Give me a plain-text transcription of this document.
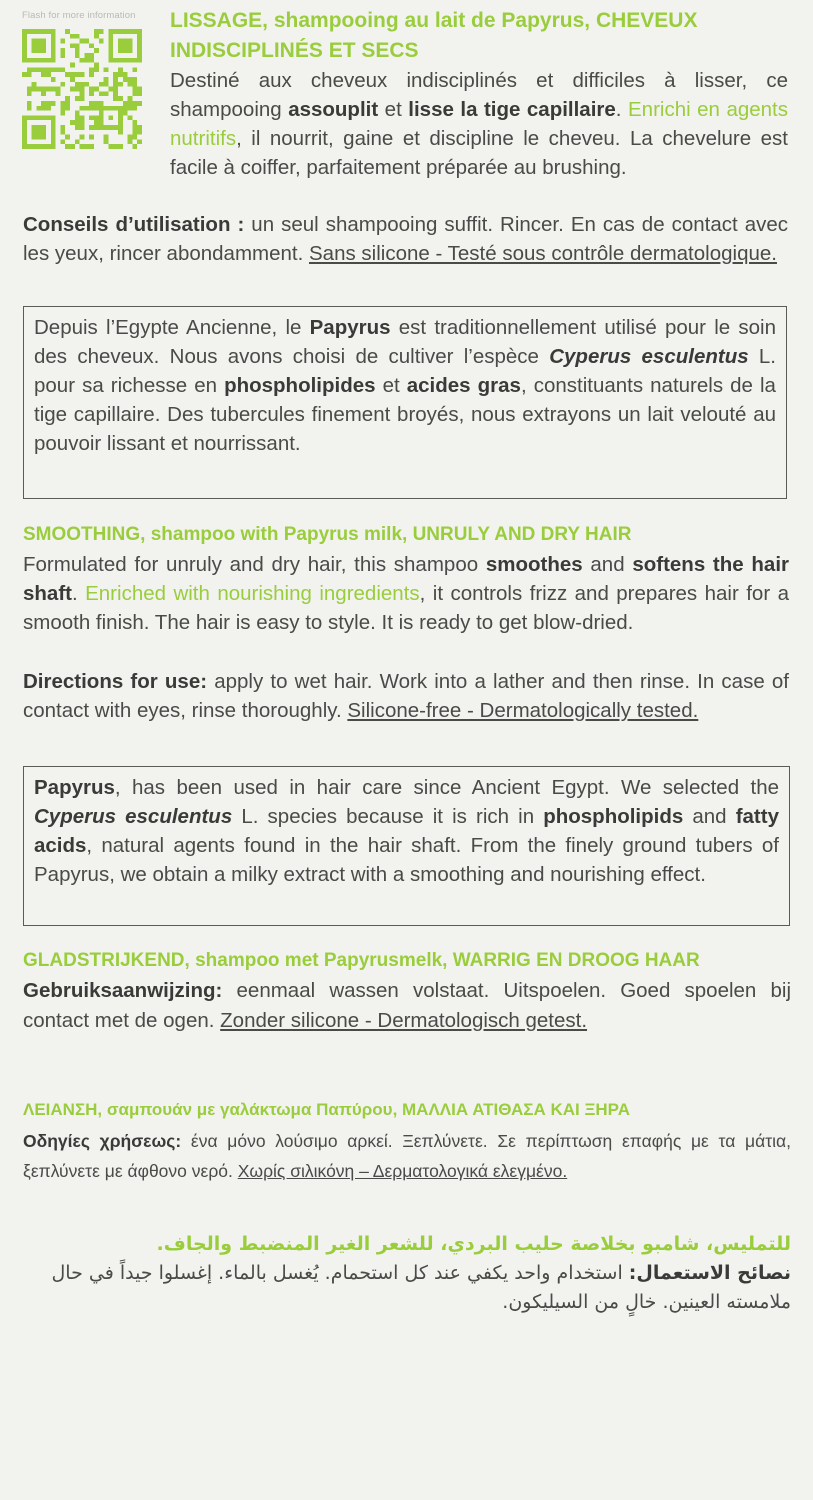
Flash for more information	LISSAGE, shampooing au lait de Papyrus, CHEVEUX INDISCIPLINÉS ET SECS
Destiné aux cheveux indisciplinés et difficiles à lisser, ce shampooing assouplit et lisse la tige capillaire. Enrichi en agents nutritifs, il nourrit, gaine et discipline le cheveu. La chevelure est facile à coiffer, parfaitement préparée au brushing.
Conseils d’utilisation : un seul shampooing suffit. Rincer. En cas de contact avec les yeux, rincer abondamment. Sans silicone - Testé sous contrôle dermatologique.
Depuis l’Egypte Ancienne, le Papyrus est traditionnellement utilisé pour le soin des cheveux. Nous avons choisi de cultiver l’espèce Cyperus esculentus L. pour sa richesse en phospholipides et acides gras, constituants naturels de la tige capillaire. Des tubercules finement broyés, nous extrayons un lait velouté au pouvoir lissant et nourrissant.
SMOOTHING, shampoo with Papyrus milk, UNRULY AND DRY HAIR
Formulated for unruly and dry hair, this shampoo smoothes and softens the hair shaft. Enriched with nourishing ingredients, it controls frizz and prepares hair for a smooth finish. The hair is easy to style. It is ready to get blow-dried.
Directions for use: apply to wet hair. Work into a lather and then rinse. In case of contact with eyes, rinse thoroughly. Silicone-free - Dermatologically tested.
Papyrus, has been used in hair care since Ancient Egypt. We selected the Cyperus esculentus L. species because it is rich in phospholipids and fatty acids, natural agents found in the hair shaft. From the finely ground tubers of Papyrus, we obtain a milky extract with a smoothing and nourishing effect.
GLADSTRIJKEND, shampoo met Papyrusmelk, WARRIG EN DROOG HAAR
Gebruiksaanwijzing: eenmaal wassen volstaat. Uitspoelen. Goed spoelen bij contact met de ogen. Zonder silicone - Dermatologisch getest.
ΛΕΙΑΝΣΗ, σαμπουάν με γαλάκτωμα Παπύρου, ΜΑΛΛΙΑ ΑΤΙΘΑΣΑ ΚΑΙ ΞΗΡΑ
Οδηγίες χρήσεως: ένα μόνο λούσιμο αρκεί. Ξεπλύνετε. Σε περίπτωση επαφής με τα μάτια, ξεπλύνετε με άφθονο νερό. Χωρίς σιλικόνη – Δερματολογικά ελεγμένο.
للتمليس، شامبو بخلاصة حليب البردي، للشعر الغير المنضبط والجاف.
نصائح الاستعمال: استخدام واحد يكفي عند كل استحمام. يُغسل بالماء. إغسلوا جيداً في حال ملامسته العينين. خالٍ من السيليكون.
